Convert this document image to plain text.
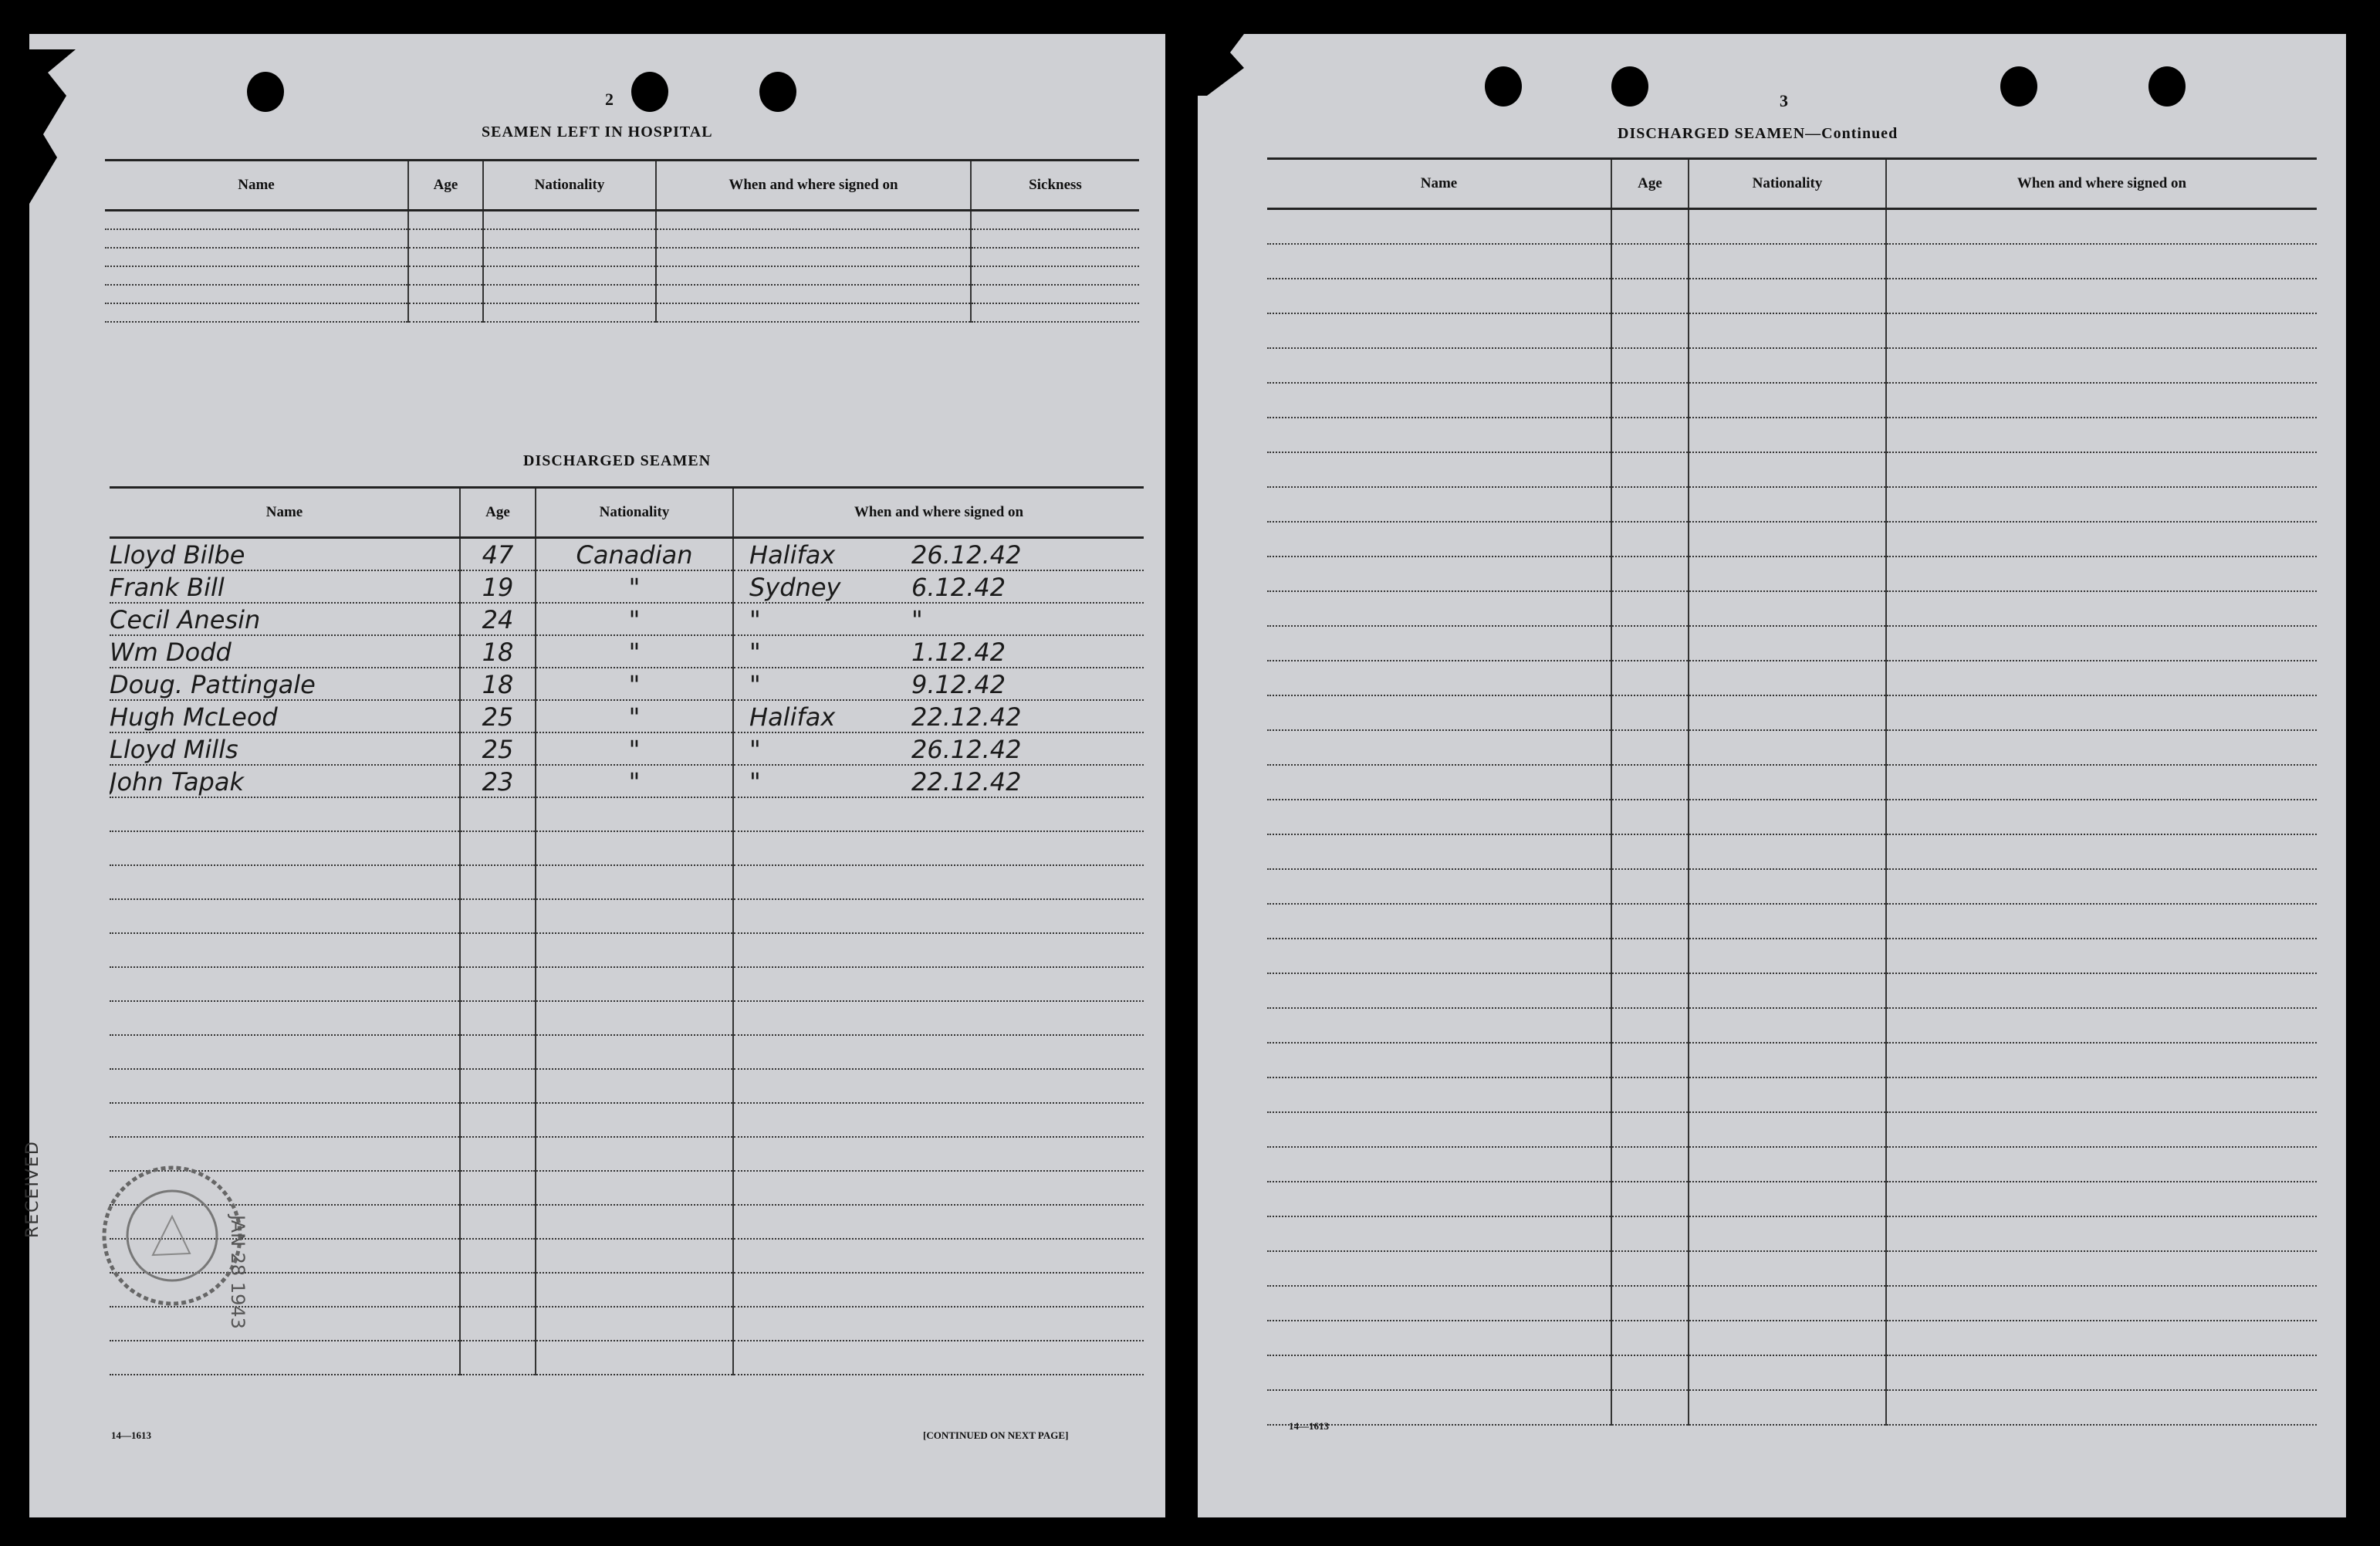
2
SEAMEN LEFT IN HOSPITAL
Name	Age	Nationality	When and where signed on	Sickness

DISCHARGED SEAMEN
Name	Age	Nationality	When and where signed on
Lloyd Bilbe	47	Canadian	Halifax 26.12.42
Frank Bill	19	"	Sydney 6.12.42
Cecil Anesin	24	"	" "
Wm Dodd	18	"	" 1.12.42
Doug. Pattingale	18	"	" 9.12.42
Hugh McLeod	25	"	Halifax 22.12.42
Lloyd Mills	25	"	" 26.12.42
John Tapak	23	"	" 22.12.42

RECEIVED
JAN 28 1943
14—1613	[CONTINUED ON NEXT PAGE]
3
DISCHARGED SEAMEN—Continued
Name	Age	Nationality	When and where signed on

14—1613
